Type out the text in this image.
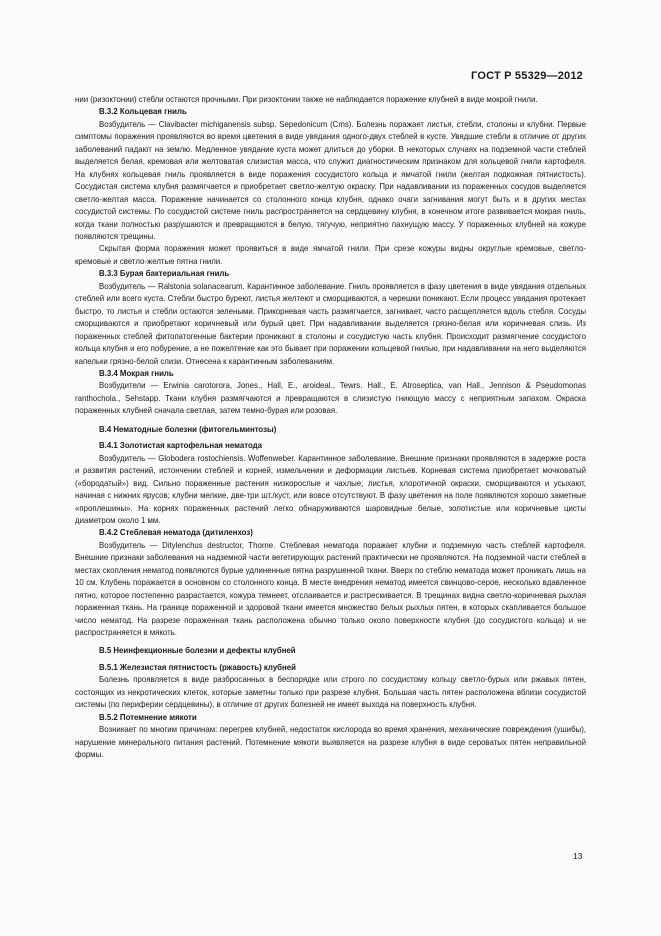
ГОСТ Р 55329—2012

нии (ризоктонии) стебли остаются прочными. При ризоктонии также не наблюдается поражение клубней в виде мокрой гнили.

В.3.2 Кольцевая гниль

Возбудитель — Clavibacter michiganensis subsp. Sepedonicum (Cms). Болезнь поражает листья, стебли, столоны и клубни. Первые симптомы поражения проявляются во время цветения в виде увядания одного-двух стеблей в кусте. Увядшие стебли в отличие от других заболеваний падают на землю. Медленное увядание куста может длиться до уборки. В некоторых случаях на подземной части стеблей выделяется белая, кремовая или желтоватая слизистая масса, что служит диагностическим признаком для кольцевой гнили картофеля. На клубнях кольцевая гниль проявляется в виде поражения сосудистого кольца и ямчатой гнили (желтая подкожная пятнистость). Сосудистая система клубня размягчается и приобретает светло-желтую окраску. При надавливании из пораженных сосудов выделяется светло-желтая масса. Поражение начинается со столонного конца клубня, однако очаги загнивания могут быть и в других местах сосудистой системы. По сосудистой системе гниль распространяется на сердцевину клубня, в конечном итоге развивается мокрая гниль, когда ткани полностью разрушаются и превращаются в белую, тягучую, неприятно пахнущую массу. У пораженных клубней на кожуре появляются трещины.

Скрытая форма поражения может проявиться в виде ямчатой гнили. При срезе кожуры видны округлые кремовые, светло-кремовые и светло-желтые пятна гнили.

В.3.3 Бурая бактериальная гниль

Возбудитель — Ralstonia solanacearum. Карантинное заболевание. Гниль проявляется в фазу цветения в виде увядания отдельных стеблей или всего куста. Стебли быстро буреют, листья желтеют и сморщиваются, а черешки поникают. Если процесс увядания протекает быстро, то листья и стебли остаются зелеными. Прикорневая часть размягчается, загнивает, часто расщепляется вдоль стебля. Сосуды сморщиваются и приобретают коричневый или бурый цвет. При надавливании выделяется грязно-белая или коричневая слизь. Из пораженных стеблей фитопатогенные бактерии проникают в столоны и сосудистую часть клубня. Происходит размягчение сосудистого кольца клубня и его побурение, а не пожелтение как это бывает при поражении кольцевой гнилью, при надавливании на него выделяются капельки грязно-белой слизи. Отнесена к карантинным заболеваниям.

В.3.4 Мокрая гниль

Возбудители — Erwinia carotorora, Jones., Hall, E., aroideal., Tewrs. Hall., E. Atroseptica, van Hall., Jennison & Pseudomonas ranthochola., Sehstapp. Ткани клубня размягчаются и превращаются в слизистую гниющую массу с неприятным запахом. Окраска пораженных клубней сначала светлая, затем темно-бурая или розовая.

В.4 Нематодные болезни (фитогельминтозы)

В.4.1 Золотистая картофельная нематода

Возбудитель — Globodera rostochiensis. Woffenweber. Карантинное заболевание. Внешние признаки проявляются в задержке роста и развития растений, истончении стеблей и корней, измельчении и деформации листьев. Корневая система приобретает мочковатый («бородатый») вид. Сильно пораженные растения низкорослые и чахлые; листья, хлоротичной окраски, сморщиваются и усыхают, начиная с нижних ярусов; клубни мелкие, две-три шт./куст, или вовсе отсутствуют. В фазу цветения на поле появляются хорошо заметные «проплешины». На корнях пораженных растений легко обнаруживаются шаровидные белые, золотистые или коричневые цисты диаметром около 1 мм.

В.4.2 Стеблевая нематода (дитиленхоз)

Возбудитель — Ditylenchus destructor, Thorne. Стеблевая нематода поражает клубни и подземную часть стеблей картофеля. Внешние признаки заболевания на надземной части вегетирующих растений практически не проявляются. На подземной части стеблей в местах скопления нематод появляются бурые удлиненные пятна разрушенной ткани. Вверх по стеблю нематода может проникать лишь на 10 см. Клубень поражается в основном со столонного конца. В месте внедрения нематод имеется свинцово-серое, несколько вдавленное пятно, которое постепенно разрастается, кожура темнеет, отслаивается и растрескивается. В трещинах видна светло-коричневая рыхлая пораженная ткань. На границе пораженной и здоровой ткани имеется множество белых рыхлых пятен, в которых скапливается большое число нематод. На разрезе пораженная ткань расположена обычно только около поверхности клубня (до сосудистого кольца) и не распространяется в мякоть.

В.5 Неинфекционные болезни и дефекты клубней

В.5.1 Железистая пятнистость (ржавость) клубней

Болезнь проявляется в виде разбросанных в беспорядке или строго по сосудистому кольцу светло-бурых или ржавых пятен, состоящих из некротических клеток, которые заметны только при разрезе клубня. Большая часть пятен расположена вблизи сосудистой системы (по периферии сердцевины), в отличие от других болезней не имеет выхода на поверхность клубня.

В.5.2 Потемнение мякоти

Возникает по многим причинам: перегрев клубней, недостаток кислорода во время хранения, механические повреждения (ушибы), нарушение минерального питания растений. Потемнение мякоти выявляется на разрезе клубня в виде сероватых пятен неправильной формы.

13
